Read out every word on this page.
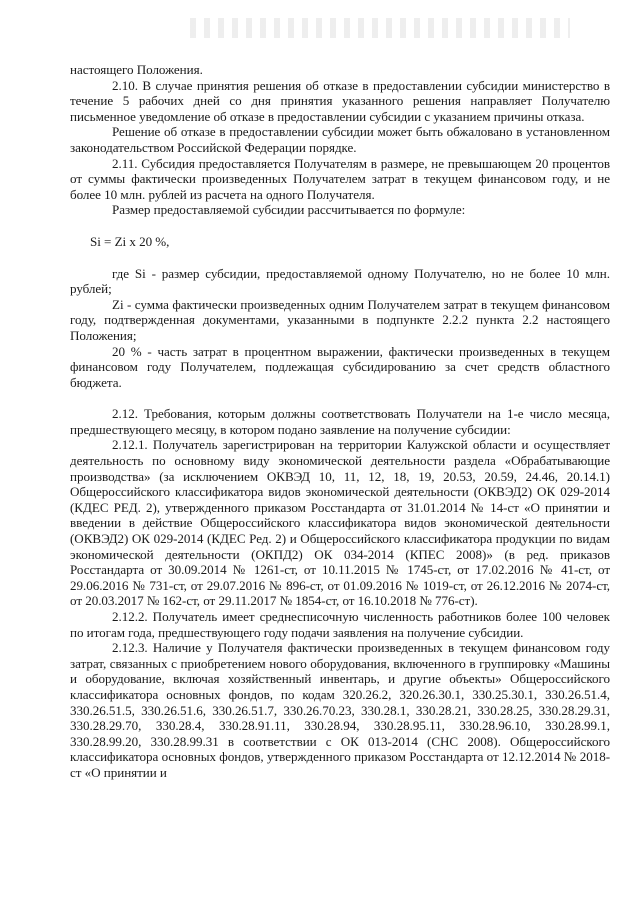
настоящего Положения.

2.10. В случае принятия решения об отказе в предоставлении субсидии министерство в течение 5 рабочих дней со дня принятия указанного решения направляет Получателю письменное уведомление об отказе в предоставлении субсидии с указанием причины отказа.

Решение об отказе в предоставлении субсидии может быть обжаловано в установленном законодательством Российской Федерации порядке.

2.11. Субсидия предоставляется Получателям в размере, не превышающем 20 процентов от суммы фактически произведенных Получателем затрат в текущем финансовом году, и не более 10 млн. рублей из расчета на одного Получателя.

Размер предоставляемой субсидии рассчитывается по формуле:

Si = Zi x 20 %,

где Si - размер субсидии, предоставляемой одному Получателю, но не более 10 млн. рублей;

Zi - сумма фактически произведенных одним Получателем затрат в текущем финансовом году, подтвержденная документами, указанными в подпункте 2.2.2 пункта 2.2 настоящего Положения;

20 % - часть затрат в процентном выражении, фактически произведенных в текущем финансовом году Получателем, подлежащая субсидированию за счет средств областного бюджета.

2.12. Требования, которым должны соответствовать Получатели на 1-е число месяца, предшествующего месяцу, в котором подано заявление на получение субсидии:

2.12.1. Получатель зарегистрирован на территории Калужской области и осуществляет деятельность по основному виду экономической деятельности раздела «Обрабатывающие производства» (за исключением ОКВЭД 10, 11, 12, 18, 19, 20.53, 20.59, 24.46, 20.14.1) Общероссийского классификатора видов экономической деятельности (ОКВЭД2) ОК 029-2014 (КДЕС РЕД. 2), утвержденного приказом Росстандарта от 31.01.2014 № 14-ст «О принятии и введении в действие Общероссийского классификатора видов экономической деятельности (ОКВЭД2) ОК 029-2014 (КДЕС Ред. 2) и Общероссийского классификатора продукции по видам экономической деятельности (ОКПД2) ОК 034-2014 (КПЕС 2008)» (в ред. приказов Росстандарта от 30.09.2014 № 1261-ст, от 10.11.2015 № 1745-ст, от 17.02.2016 № 41-ст, от 29.06.2016 № 731-ст, от 29.07.2016 № 896-ст, от 01.09.2016 № 1019-ст, от 26.12.2016 № 2074-ст, от 20.03.2017 № 162-ст, от 29.11.2017 № 1854-ст, от 16.10.2018 № 776-ст).

2.12.2. Получатель имеет среднесписочную численность работников более 100 человек по итогам года, предшествующего году подачи заявления на получение субсидии.

2.12.3. Наличие у Получателя фактически произведенных в текущем финансовом году затрат, связанных с приобретением нового оборудования, включенного в группировку «Машины и оборудование, включая хозяйственный инвентарь, и другие объекты» Общероссийского классификатора основных фондов, по кодам 320.26.2, 320.26.30.1, 330.25.30.1, 330.26.51.4, 330.26.51.5, 330.26.51.6, 330.26.51.7, 330.26.70.23, 330.28.1, 330.28.21, 330.28.25, 330.28.29.31, 330.28.29.70, 330.28.4, 330.28.91.11, 330.28.94, 330.28.95.11, 330.28.96.10, 330.28.99.1, 330.28.99.20, 330.28.99.31 в соответствии с ОК 013-2014 (СНС 2008). Общероссийского классификатора основных фондов, утвержденного приказом Росстандарта от 12.12.2014 № 2018-ст «О принятии и
